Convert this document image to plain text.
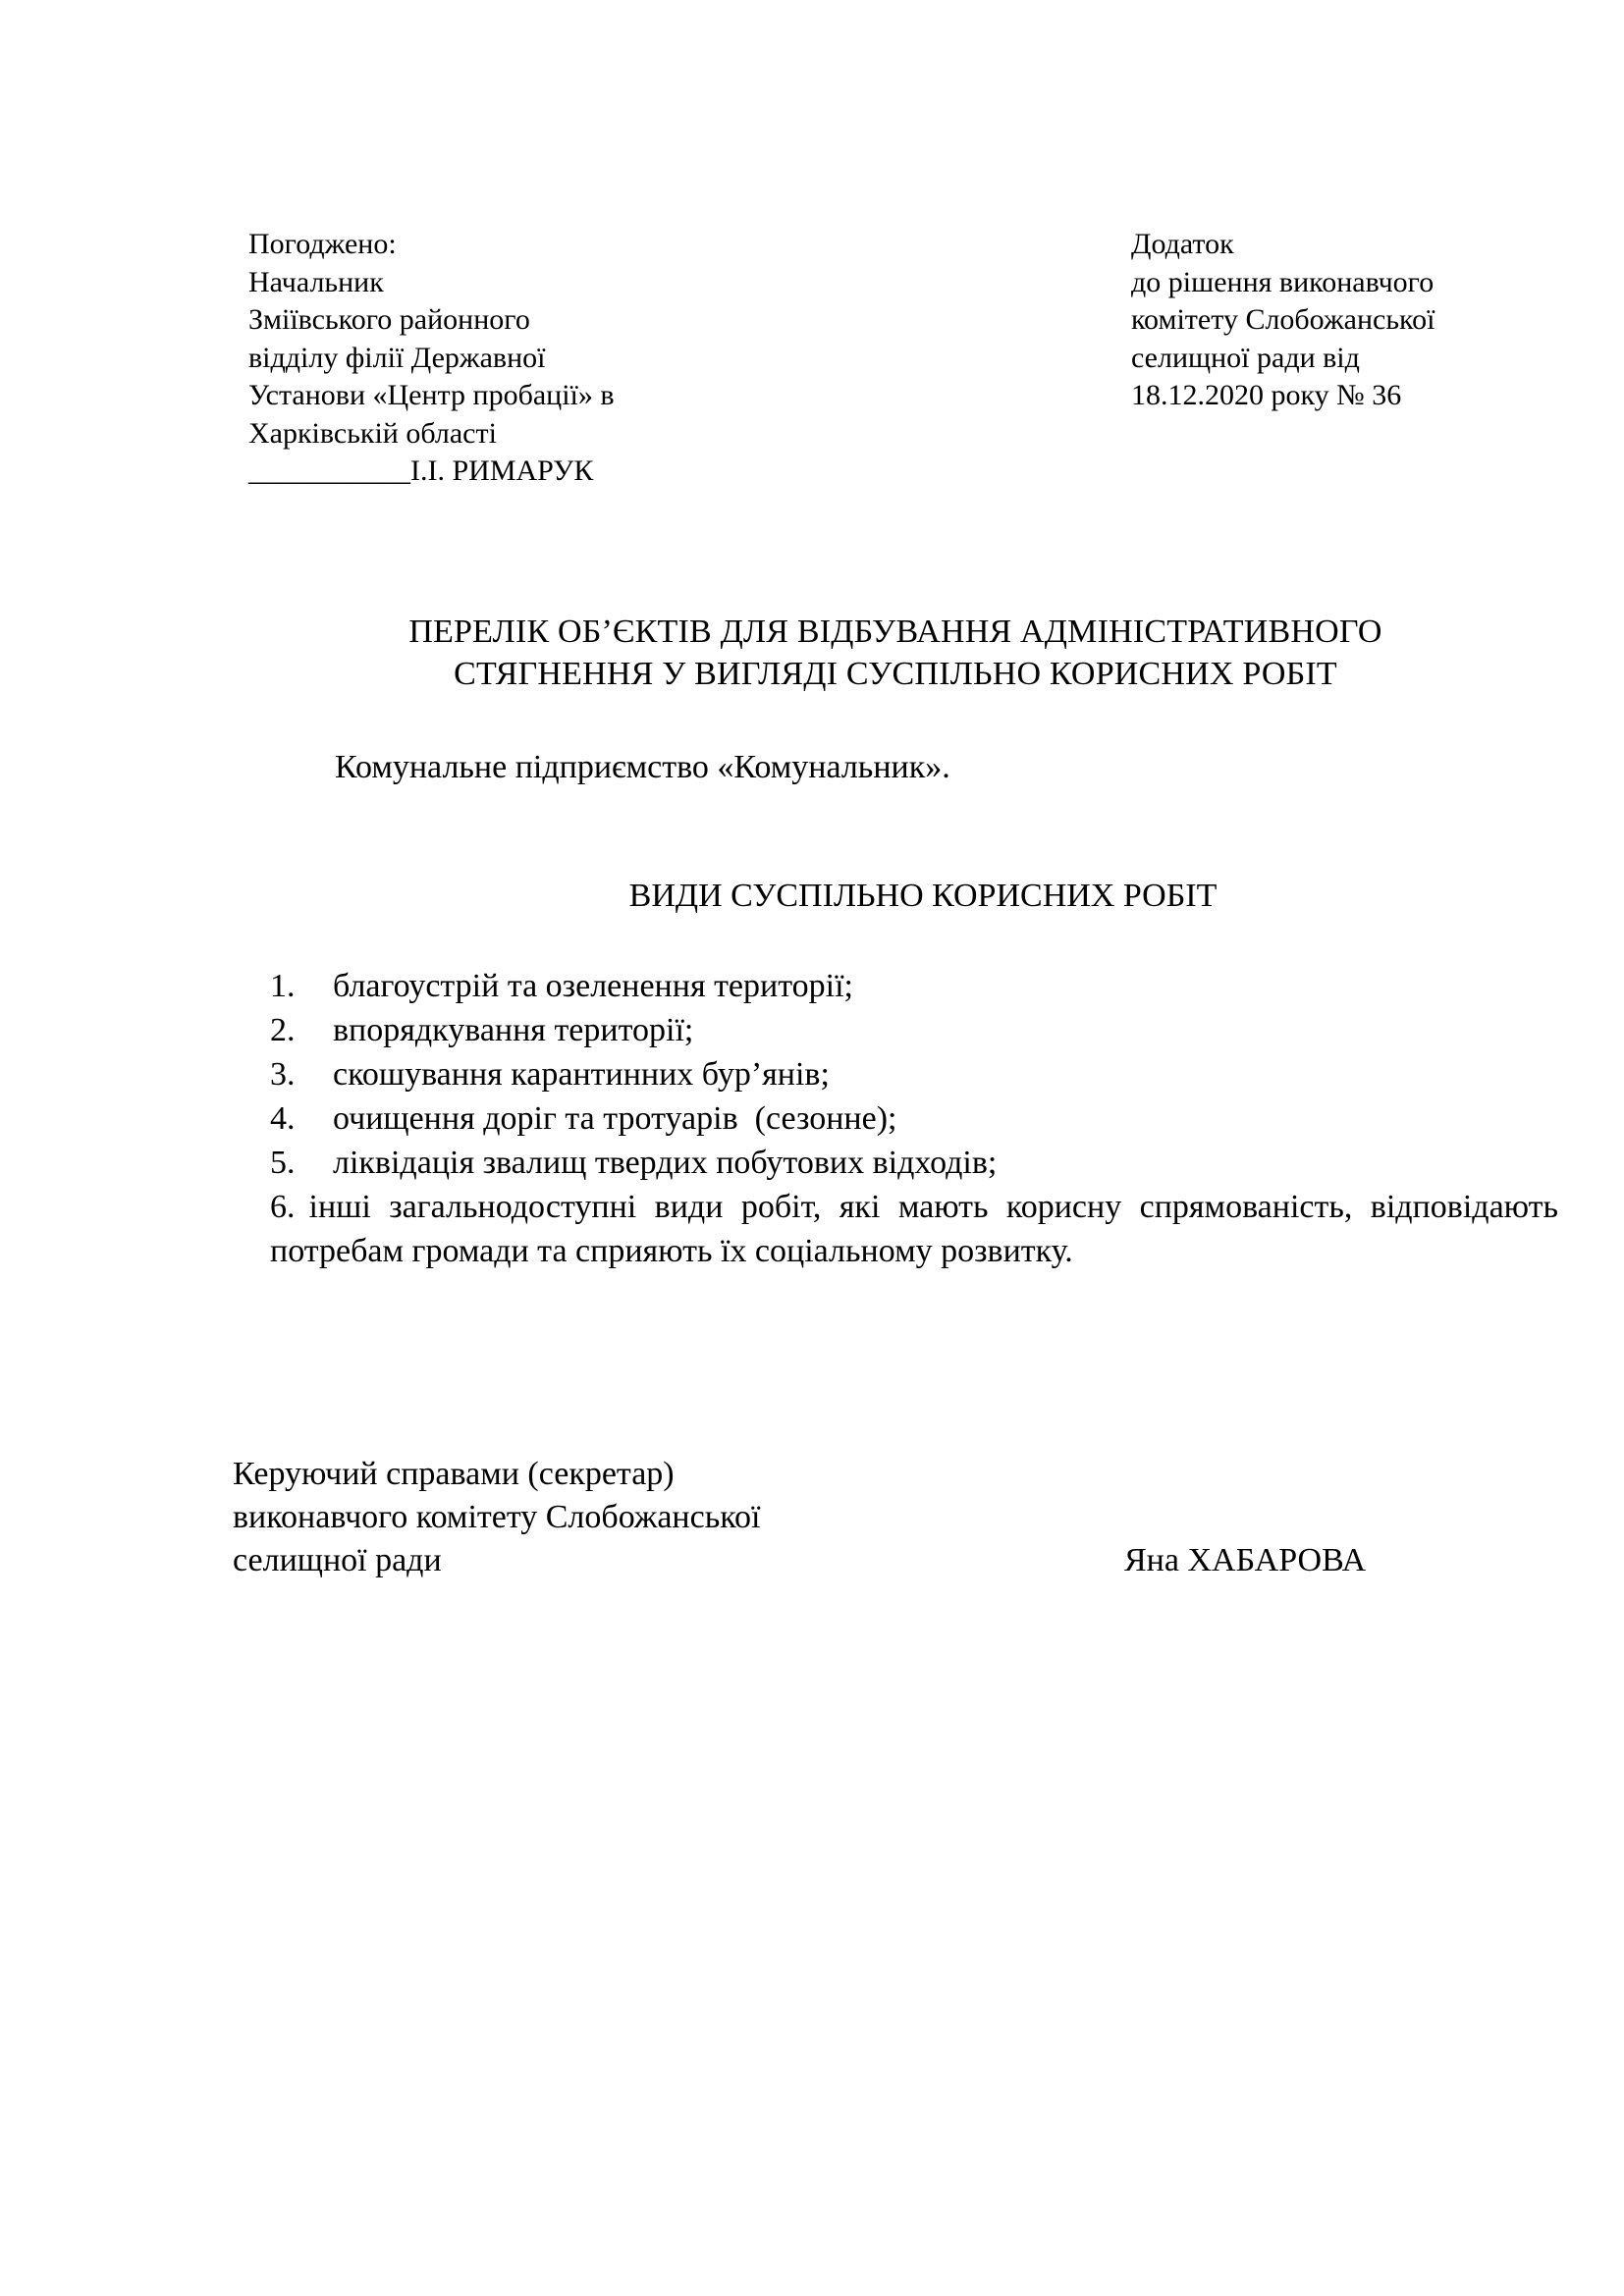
Погоджено:
Начальник
Зміївського районного
відділу філії Державної
Установи «Центр пробації» в
Харківській області
___________І.І. РИМАРУК
Додаток
до рішення виконавчого
комітету Слобожанської
селищної ради від
18.12.2020 року № 36
ПЕРЕЛІК ОБ’ЄКТІВ ДЛЯ ВІДБУВАННЯ АДМІНІСТРАТИВНОГО
СТЯГНЕННЯ У ВИГЛЯДІ СУСПІЛЬНО КОРИСНИХ РОБІТ
Комунальне підприємство «Комунальник».
ВИДИ СУСПІЛЬНО КОРИСНИХ РОБІТ
1. благоустрій та озеленення території;
2. впорядкування території;
3. скошування карантинних бур’янів;
4. очищення доріг та тротуарів  (сезонне);
5. ліквідація звалищ твердих побутових відходів;
6. інші загальнодоступні види робіт, які мають корисну спрямованість, відповідають потребам громади та сприяють їх соціальному розвитку.
Керуючий справами (секретар)
виконавчого комітету Слобожанської
селищної ради	Яна ХАБАРОВА
